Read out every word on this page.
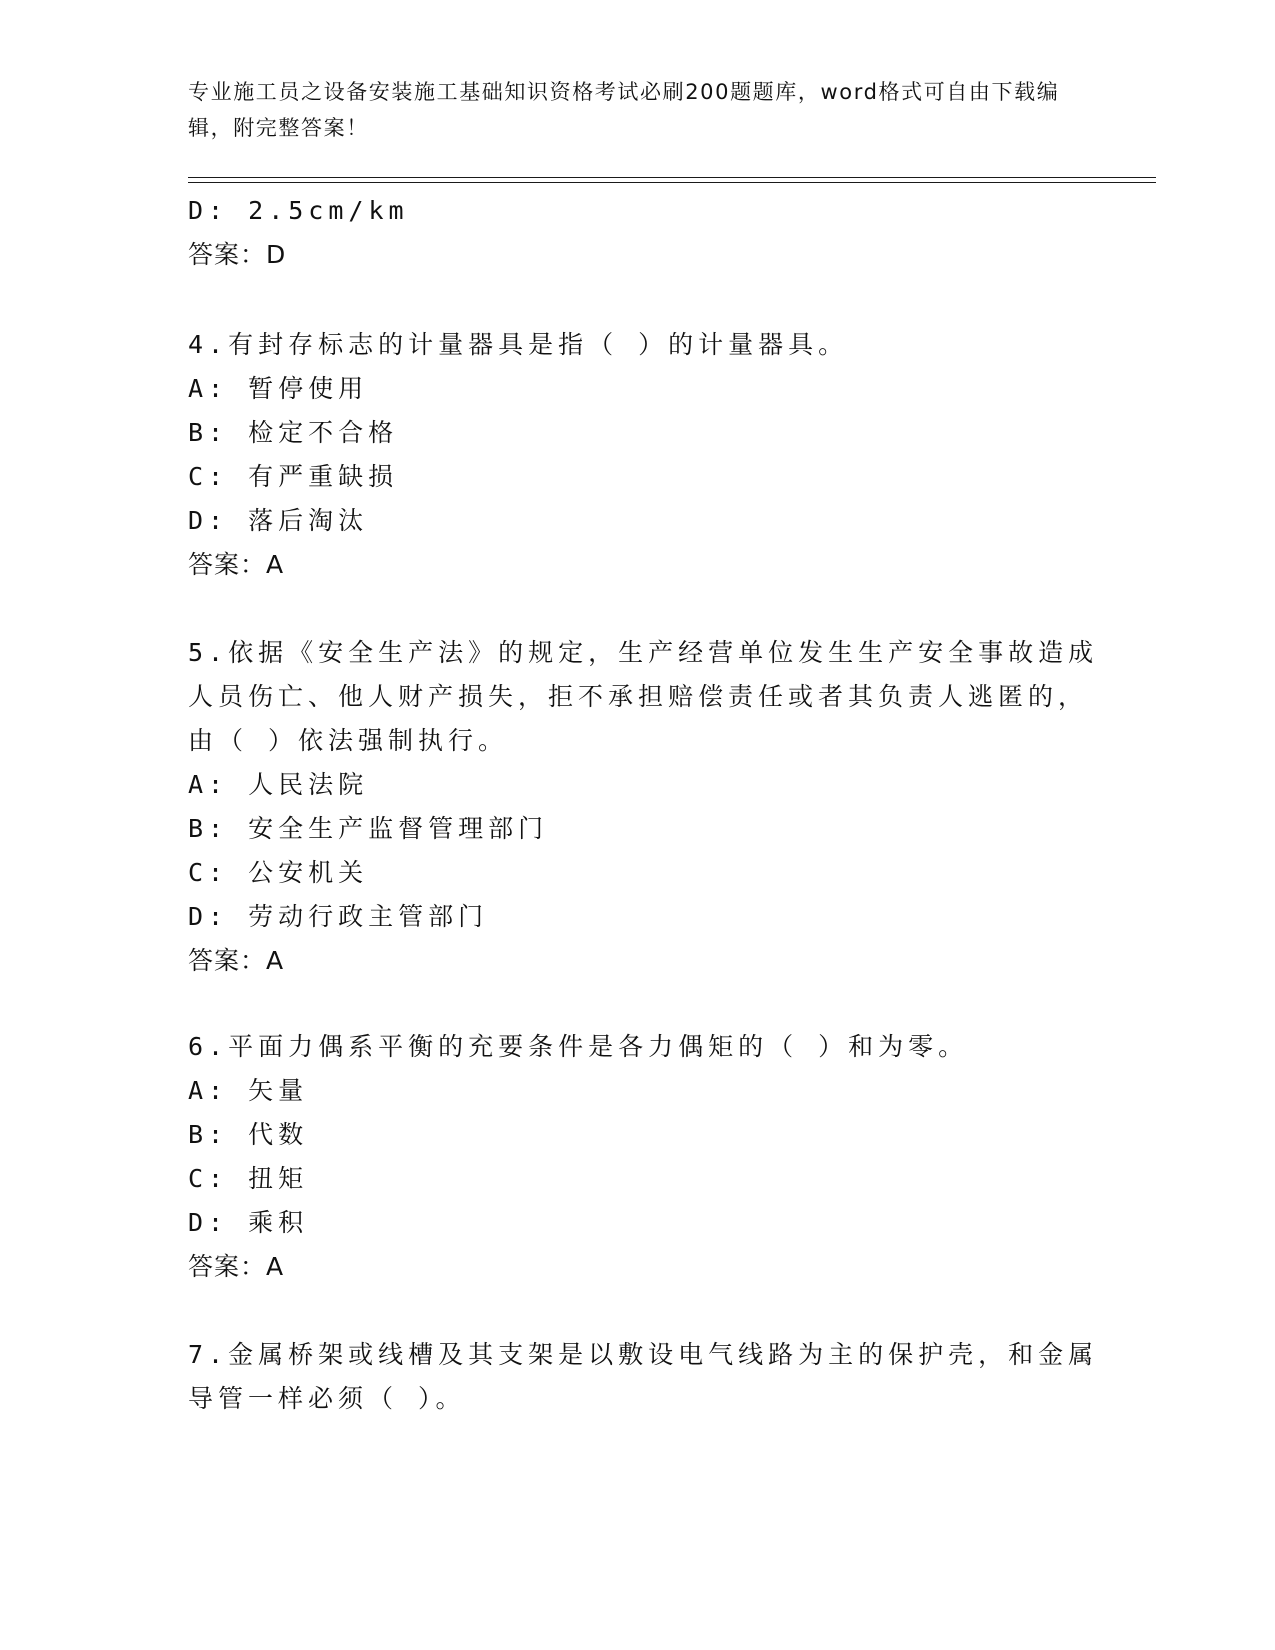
专业施工员之设备安装施工基础知识资格考试必刷200题题库，word格式可自由下载编辑，附完整答案！
D: 2.5cm/km
答案：D
4.有封存标志的计量器具是指（ ）的计量器具。
A: 暂停使用
B: 检定不合格
C: 有严重缺损
D: 落后淘汰
答案：A
5.依据《安全生产法》的规定，生产经营单位发生生产安全事故造成
人员伤亡、他人财产损失，拒不承担赔偿责任或者其负责人逃匿的，
由（ ）依法强制执行。
A: 人民法院
B: 安全生产监督管理部门
C: 公安机关
D: 劳动行政主管部门
答案：A
6.平面力偶系平衡的充要条件是各力偶矩的（ ）和为零。
A: 矢量
B: 代数
C: 扭矩
D: 乘积
答案：A
7.金属桥架或线槽及其支架是以敷设电气线路为主的保护壳，和金属
导管一样必须（ ）。
